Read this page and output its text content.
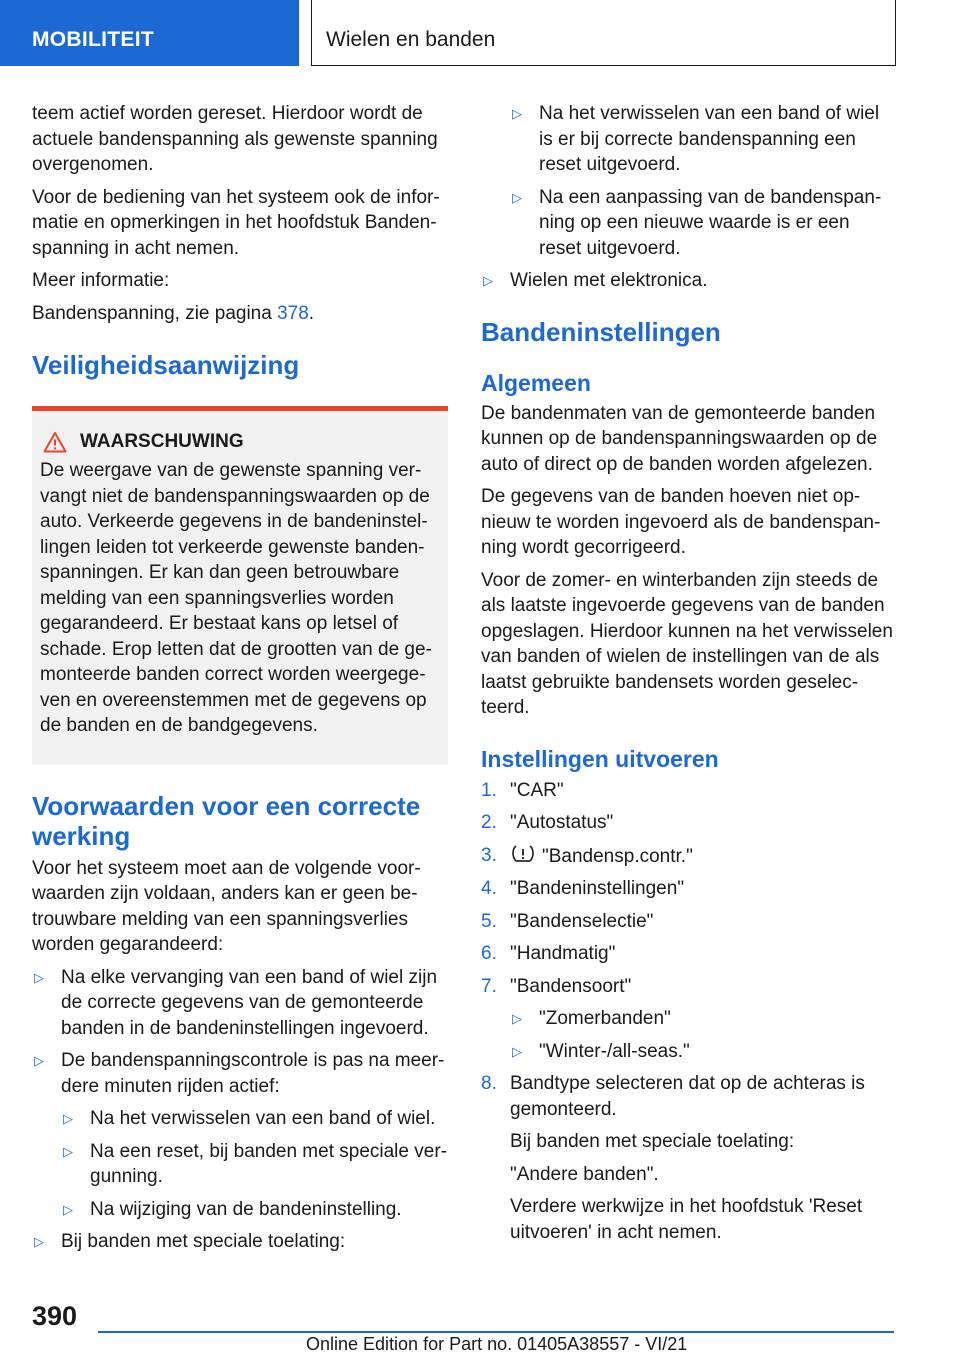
MOBILITEIT	Wielen en banden

teem actief worden gereset. Hierdoor wordt de actuele bandenspanning als gewenste spanning overgenomen.

Voor de bediening van het systeem ook de informatie en opmerkingen in het hoofdstuk Bandenspanning in acht nemen.

Meer informatie:

Bandenspanning, zie pagina 378.

Veiligheidsaanwijzing
WAARSCHUWING

De weergave van de gewenste spanning vervangt niet de bandenspanningswaarden op de auto. Verkeerde gegevens in de bandeninstellingen leiden tot verkeerde gewenste bandenspanningen. Er kan dan geen betrouwbare melding van een spanningsverlies worden gegarandeerd. Er bestaat kans op letsel of schade. Erop letten dat de grootten van de gemonteerde banden correct worden weergegeven en overeenstemmen met de gegevens op de banden en de bandgegevens.

Voorwaarden voor een correcte werking

Voor het systeem moet aan de volgende voorwaarden zijn voldaan, anders kan er geen betrouwbare melding van een spanningsverlies worden gegarandeerd:

▷ Na elke vervanging van een band of wiel zijn de correcte gegevens van de gemonteerde banden in de bandeninstellingen ingevoerd.
▷ De bandenspanningscontrole is pas na meerdere minuten rijden actief:
▷ Na het verwisselen van een band of wiel.
▷ Na een reset, bij banden met speciale vergunning.
▷ Na wijziging van de bandeninstelling.
▷ Bij banden met speciale toelating:
▷ Na het verwisselen van een band of wiel is er bij correcte bandenspanning een reset uitgevoerd.
▷ Na een aanpassing van de bandenspanning op een nieuwe waarde is er een reset uitgevoerd.
▷ Wielen met elektronica.
Bandeninstellingen
Algemeen

De bandenmaten van de gemonteerde banden kunnen op de bandenspanningswaarden op de auto of direct op de banden worden afgelezen.

De gegevens van de banden hoeven niet opnieuw te worden ingevoerd als de bandenspanning wordt gecorrigeerd.

Voor de zomer- en winterbanden zijn steeds de als laatste ingevoerde gegevens van de banden opgeslagen. Hierdoor kunnen na het verwisselen van banden of wielen de instellingen van de als laatst gebruikte bandensets worden geselecteerd.

Instellingen uitvoeren
1. "CAR"
2. "Autostatus"
3. "Bandensp.contr."
4. "Bandeninstellingen"
5. "Bandenselectie"
6. "Handmatig"
7. "Bandensoort"
▷ "Zomerbanden"
▷ "Winter-/all-seas."
8. Bandtype selecteren dat op de achteras is gemonteerd.

Bij banden met speciale toelating:

"Andere banden".

Verdere werkwijze in het hoofdstuk 'Reset uitvoeren' in acht nemen.

390
Online Edition for Part no. 01405A38557 - VI/21
